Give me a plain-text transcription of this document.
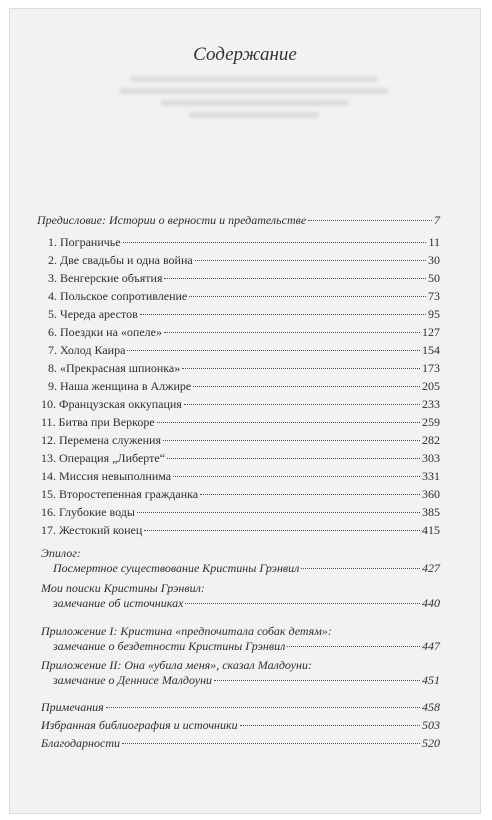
Содержание
Предисловие: Истории о верности и предательстве	7
1. Пограничье	11
2. Две свадьбы и одна война	30
3. Венгерские объятия	50
4. Польское сопротивление	73
5. Череда арестов	95
6. Поездки на «опеле»	127
7. Холод Каира	154
8. «Прекрасная шпионка»	173
9. Наша женщина в Алжире	205
10. Французская оккупация	233
11. Битва при Веркоре	259
12. Перемена служения	282
13. Операция „Либерте“	303
14. Миссия невыполнима	331
15. Второстепенная гражданка	360
16. Глубокие воды	385
17. Жестокий конец	415
Эпилог:
Посмертное существование Кристины Грэнвил	427
Мои поиски Кристины Грэнвил:
замечание об источниках	440
Приложение I: Кристина «предпочитала собак детям»:
замечание о бездетности Кристины Грэнвил	447
Приложение II: Она «убила меня», сказал Малдоуни:
замечание о Деннисе Малдоуни	451
Примечания	458
Избранная библиография и источники	503
Благодарности	520
